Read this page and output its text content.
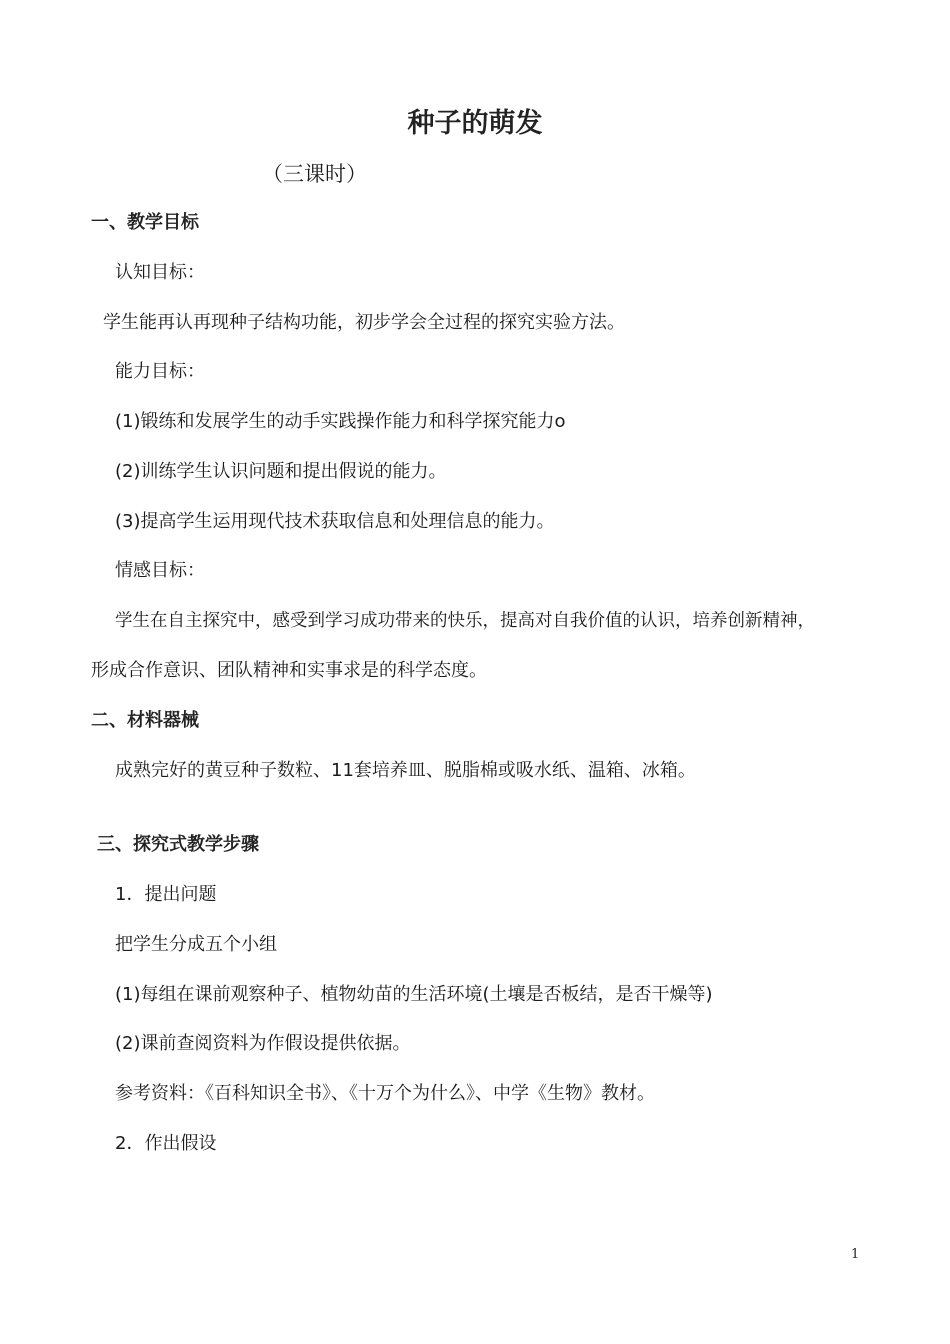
种子的萌发
（三课时）
一、教学目标
认知目标：
学生能再认再现种子结构功能，初步学会全过程的探究实验方法。
能力目标：
(1)锻练和发展学生的动手实践操作能力和科学探究能力ο
(2)训练学生认识问题和提出假说的能力。
(3)提高学生运用现代技术获取信息和处理信息的能力。
情感目标：
学生在自主探究中，感受到学习成功带来的快乐，提高对自我价值的认识，培养创新精神，
形成合作意识、团队精神和实事求是的科学态度。
二、材料器械
成熟完好的黄豆种子数粒、11套培养皿、脱脂棉或吸水纸、温箱、冰箱。
三、探究式教学步骤
1．提出问题
把学生分成五个小组
(1)每组在课前观察种子、植物幼苗的生活环境(土壤是否板结，是否干燥等)
(2)课前查阅资料为作假设提供依据。
参考资料：《百科知识全书》、《十万个为什么》、中学《生物》教材。
2．作出假设
1
